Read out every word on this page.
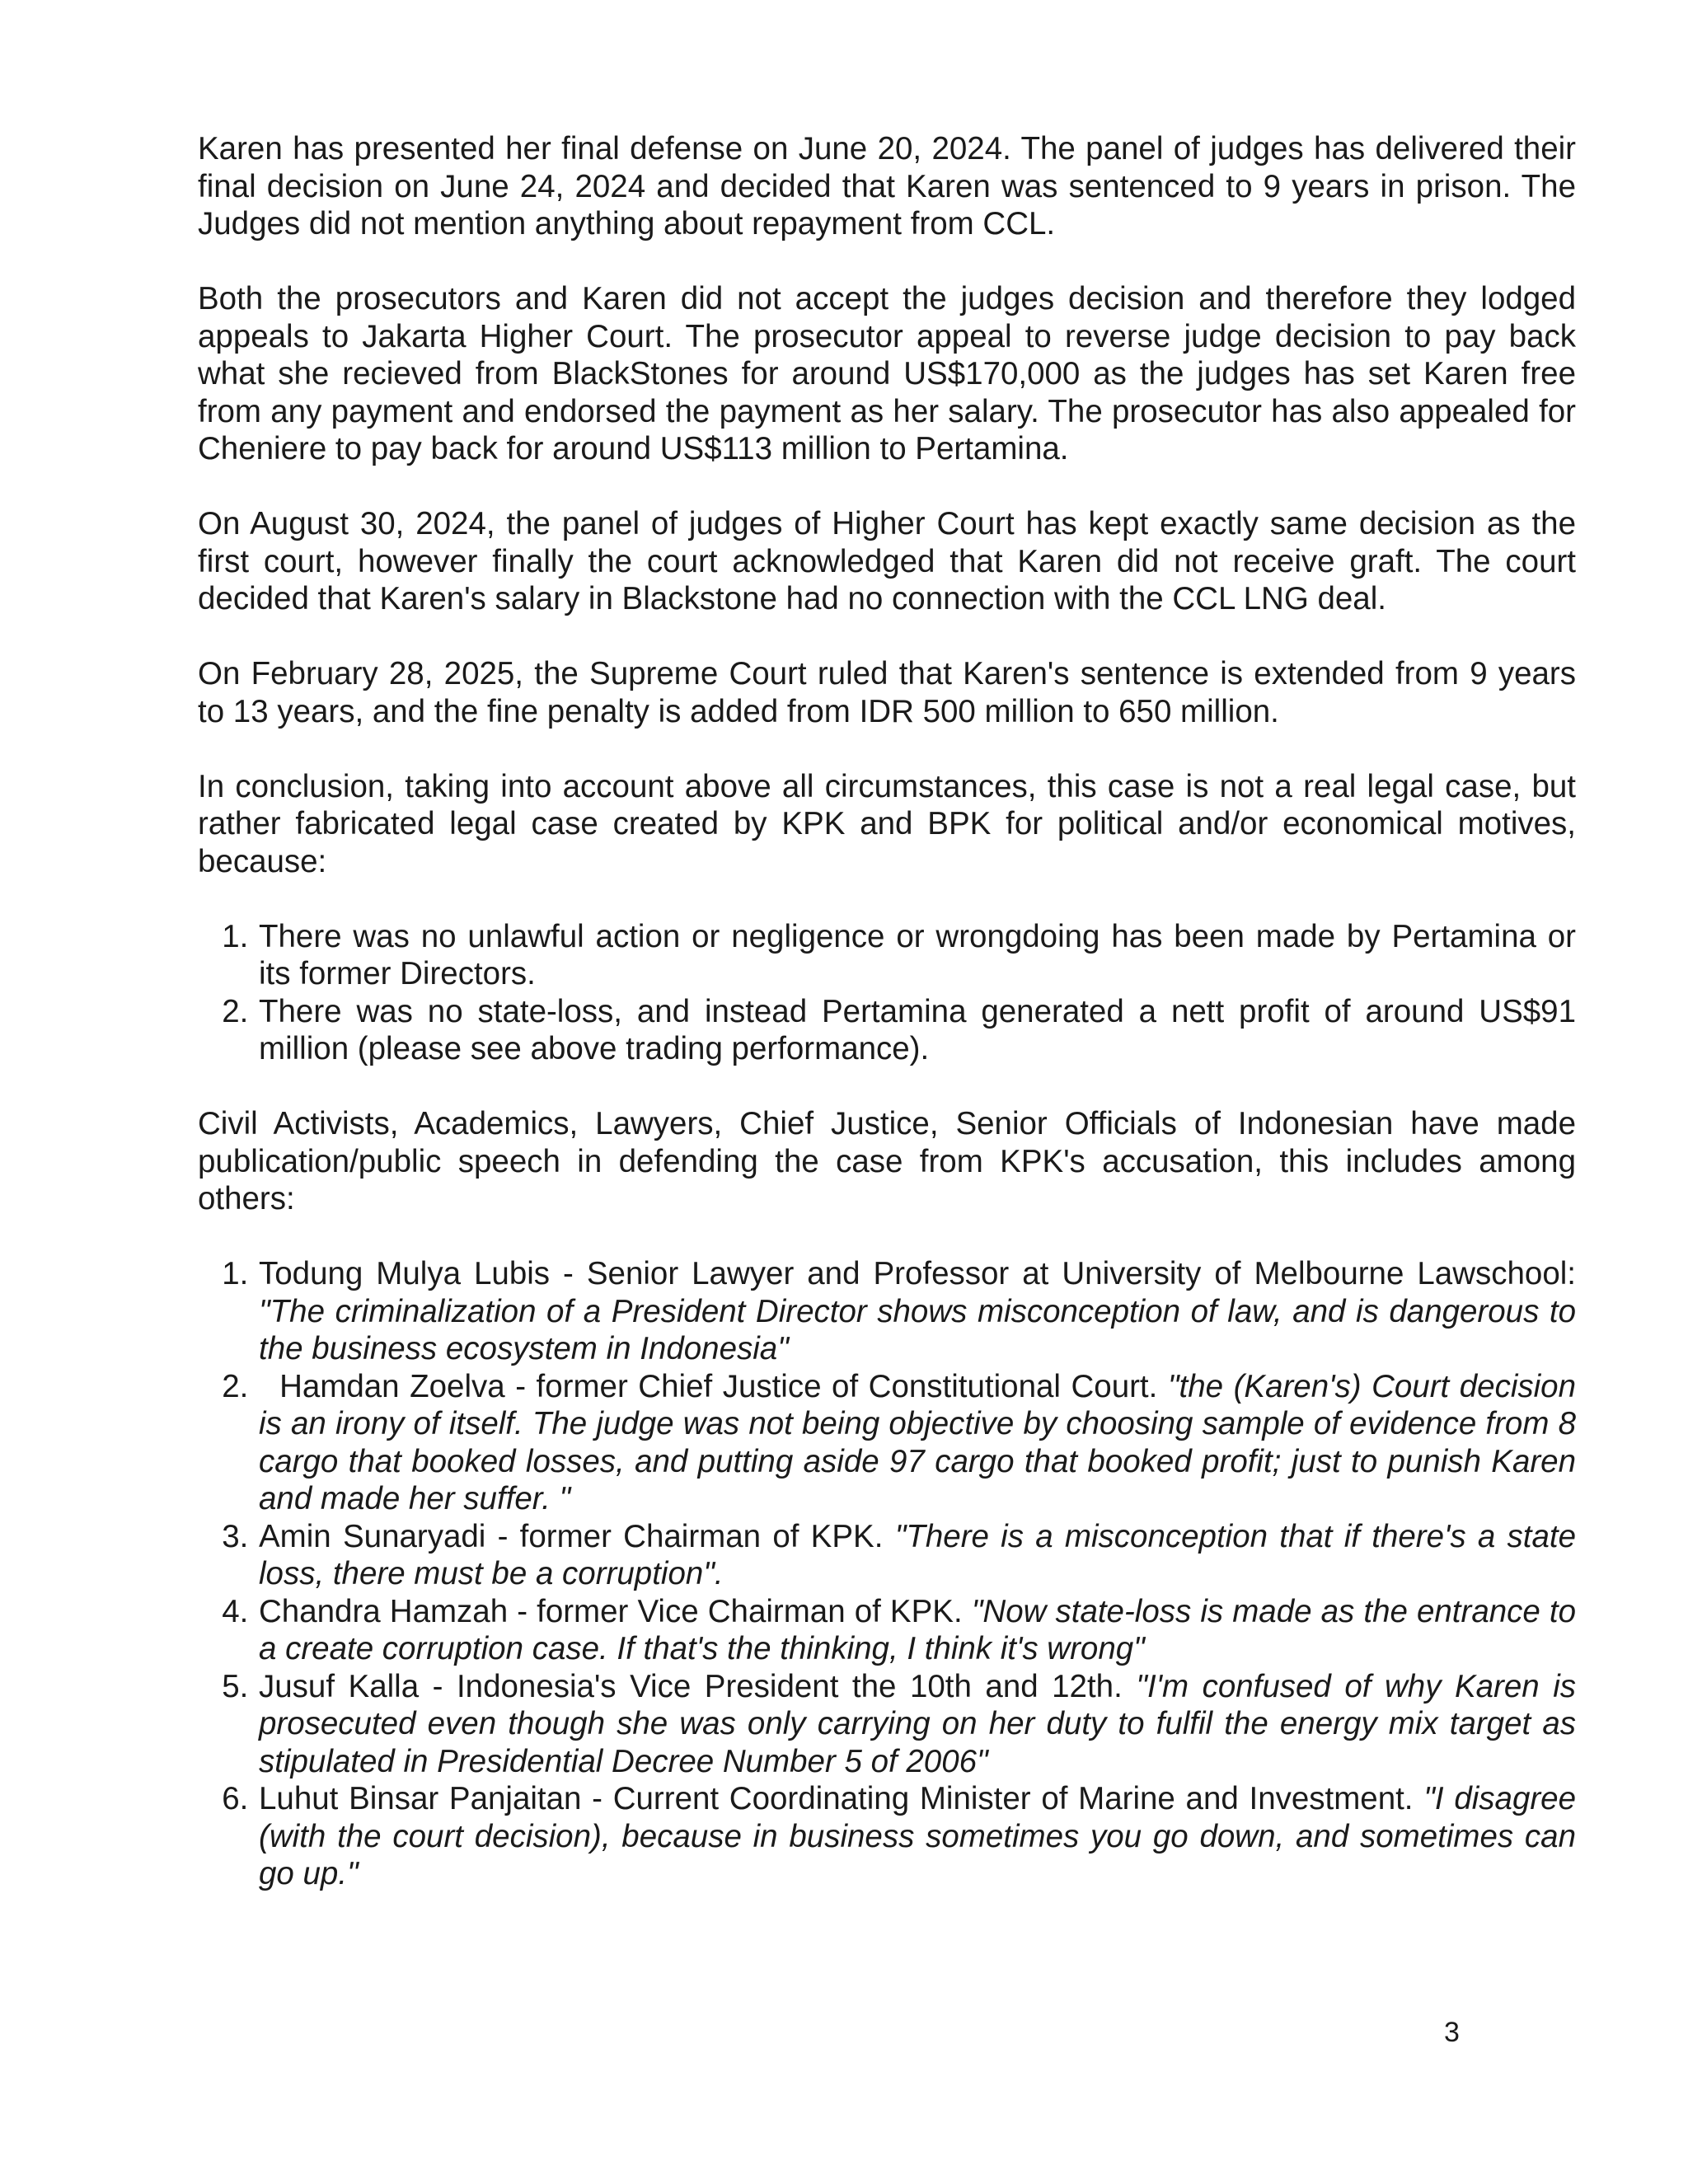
Karen has presented her final defense on June 20, 2024. The panel of judges has delivered their final decision on June 24, 2024 and decided that Karen was sentenced to 9 years in prison. The Judges did not mention anything about repayment from CCL.

Both the prosecutors and Karen did not accept the judges decision and therefore they lodged appeals to Jakarta Higher Court. The prosecutor appeal to reverse judge decision to pay back what she recieved from BlackStones for around US$170,000 as the judges has set Karen free from any payment and endorsed the payment as her salary. The prosecutor has also appealed for Cheniere to pay back for around US$113 million to Pertamina.

On August 30, 2024, the panel of judges of Higher Court has kept exactly same decision as the first court, however finally the court acknowledged that Karen did not receive graft. The court decided that Karen's salary in Blackstone had no connection with the CCL LNG deal.

On February 28, 2025, the Supreme Court ruled that Karen's sentence is extended from 9 years to 13 years, and the fine penalty is added from IDR 500 million to 650 million.

In conclusion, taking into account above all circumstances, this case is not a real legal case, but rather fabricated legal case created by KPK and BPK for political and/or economical motives, because:

1. There was no unlawful action or negligence or wrongdoing has been made by Pertamina or its former Directors.
2. There was no state-loss, and instead Pertamina generated a nett profit of around US$91 million (please see above trading performance).

Civil Activists, Academics, Lawyers, Chief Justice, Senior Officials of Indonesian have made publication/public speech in defending the case from KPK's accusation, this includes among others:

1. Todung Mulya Lubis - Senior Lawyer and Professor at University of Melbourne Lawschool: "The criminalization of a President Director shows misconception of law, and is dangerous to the business ecosystem in Indonesia"
2.   Hamdan Zoelva - former Chief Justice of Constitutional Court. "the (Karen's) Court decision is an irony of itself. The judge was not being objective by choosing sample of evidence from 8 cargo that booked losses, and putting aside 97 cargo that booked profit; just to punish Karen and made her suffer. "
3. Amin Sunaryadi - former Chairman of KPK. "There is a misconception that if there's a state loss, there must be a corruption".
4. Chandra Hamzah - former Vice Chairman of KPK. "Now state-loss is made as the entrance to a create corruption case. If that's the thinking, I think it's wrong"
5. Jusuf Kalla - Indonesia's Vice President the 10th and 12th. "I'm confused of why Karen is prosecuted even though she was only carrying on her duty to fulfil the energy mix target as stipulated in Presidential Decree Number 5 of 2006"
6. Luhut Binsar Panjaitan - Current Coordinating Minister of Marine and Investment. "I disagree (with the court decision), because in business sometimes you go down, and sometimes can go up."
3
